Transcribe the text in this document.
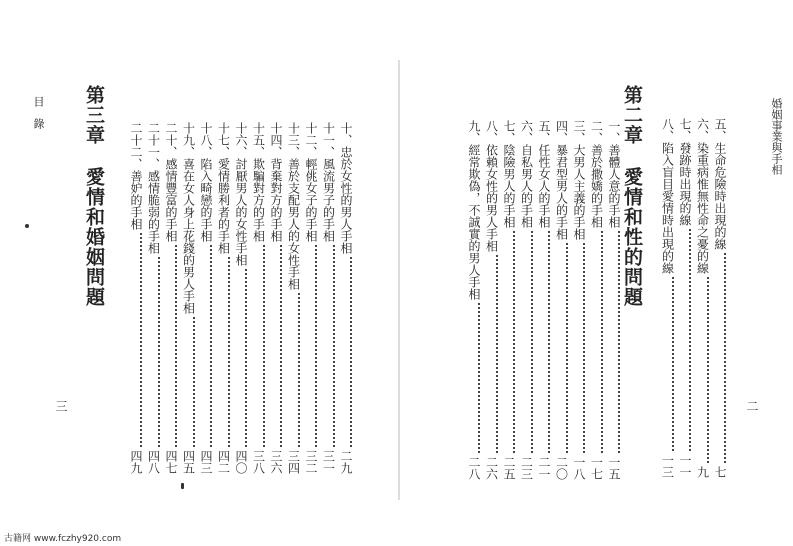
目　錄
三
第三章愛情和婚姻問題	十、忠於女性的男人手相
二九
十一、風流男子的手相
三一
十二、輕佻女子的手相
三二
十三、善於支配男人的女性手相
三四
十四、背棄對方的手相
三六
十五、欺騙對方的手相
三八
十六、討厭男人的女性手相
四〇
十七、愛情勝利者的手相
四二
十八、陷入畸戀的手相
四三
十九、喜在女人身上花錢的男人手相
四五
二十、感情豐富的手相
四七
二十一、感情脆弱的手相
四八
二十二、善妒的手相
四九
婚姻事業與手相
二
五、生命危險時出現的線
七
六、染重病惟無性命之憂的線
九
七、發跡時出現的線
一一
八、陷入盲目愛情時出現的線
一三
第二章愛情和性的問題
一、善體人意的手相
一五
二、善於撒嬌的手相
一七
三、大男人主義的手相
一八
四、暴君型男人的手相
二〇
五、任性女人的手相
二一
六、自私男人的手相
二三
七、陰險男人的手相
二五
八、依賴女性的男人手相
二六
九、經常欺偽，不誠實的男人手相
二八
古籍网 www.fczhy920.com
